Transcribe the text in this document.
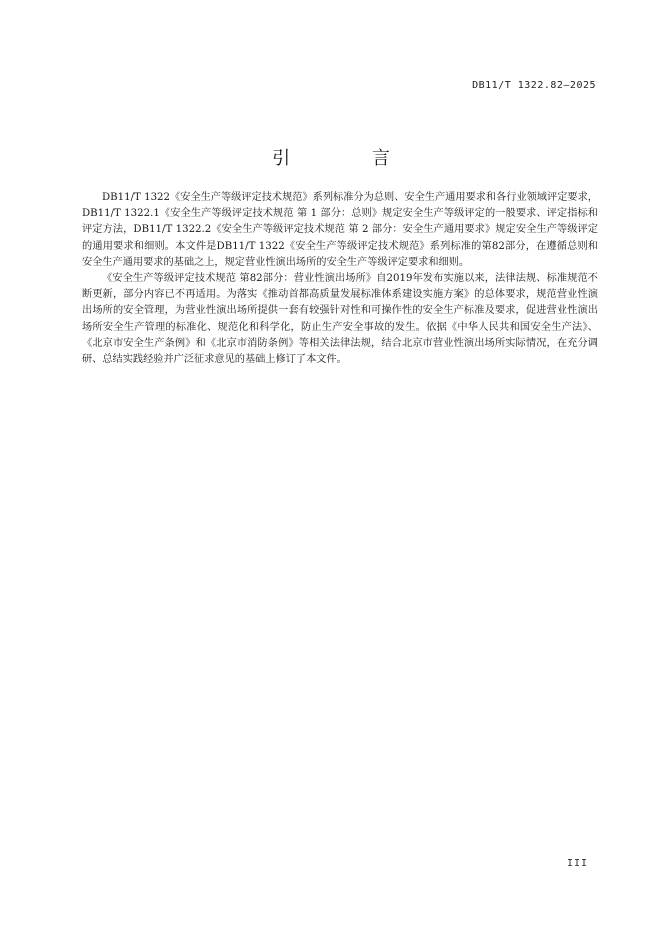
DB11/T 1322.82—2025
引 言

DB11/T 1322《安全生产等级评定技术规范》系列标准分为总则、安全生产通用要求和各行业领域评定要求，DB11/T 1322.1《安全生产等级评定技术规范 第 1 部分：总则》规定安全生产等级评定的一般要求、评定指标和评定方法，DB11/T 1322.2《安全生产等级评定技术规范 第 2 部分：安全生产通用要求》规定安全生产等级评定的通用要求和细则。本文件是DB11/T 1322《安全生产等级评定技术规范》系列标准的第82部分，在遵循总则和安全生产通用要求的基础之上，规定营业性演出场所的安全生产等级评定要求和细则。

《安全生产等级评定技术规范 第82部分：营业性演出场所》自2019年发布实施以来，法律法规、标准规范不断更新，部分内容已不再适用。为落实《推动首都高质量发展标准体系建设实施方案》的总体要求，规范营业性演出场所的安全管理，为营业性演出场所提供一套有较强针对性和可操作性的安全生产标准及要求，促进营业性演出场所安全生产管理的标准化、规范化和科学化，防止生产安全事故的发生。依据《中华人民共和国安全生产法》、《北京市安全生产条例》和《北京市消防条例》等相关法律法规，结合北京市营业性演出场所实际情况，在充分调研、总结实践经验并广泛征求意见的基础上修订了本文件。

III
